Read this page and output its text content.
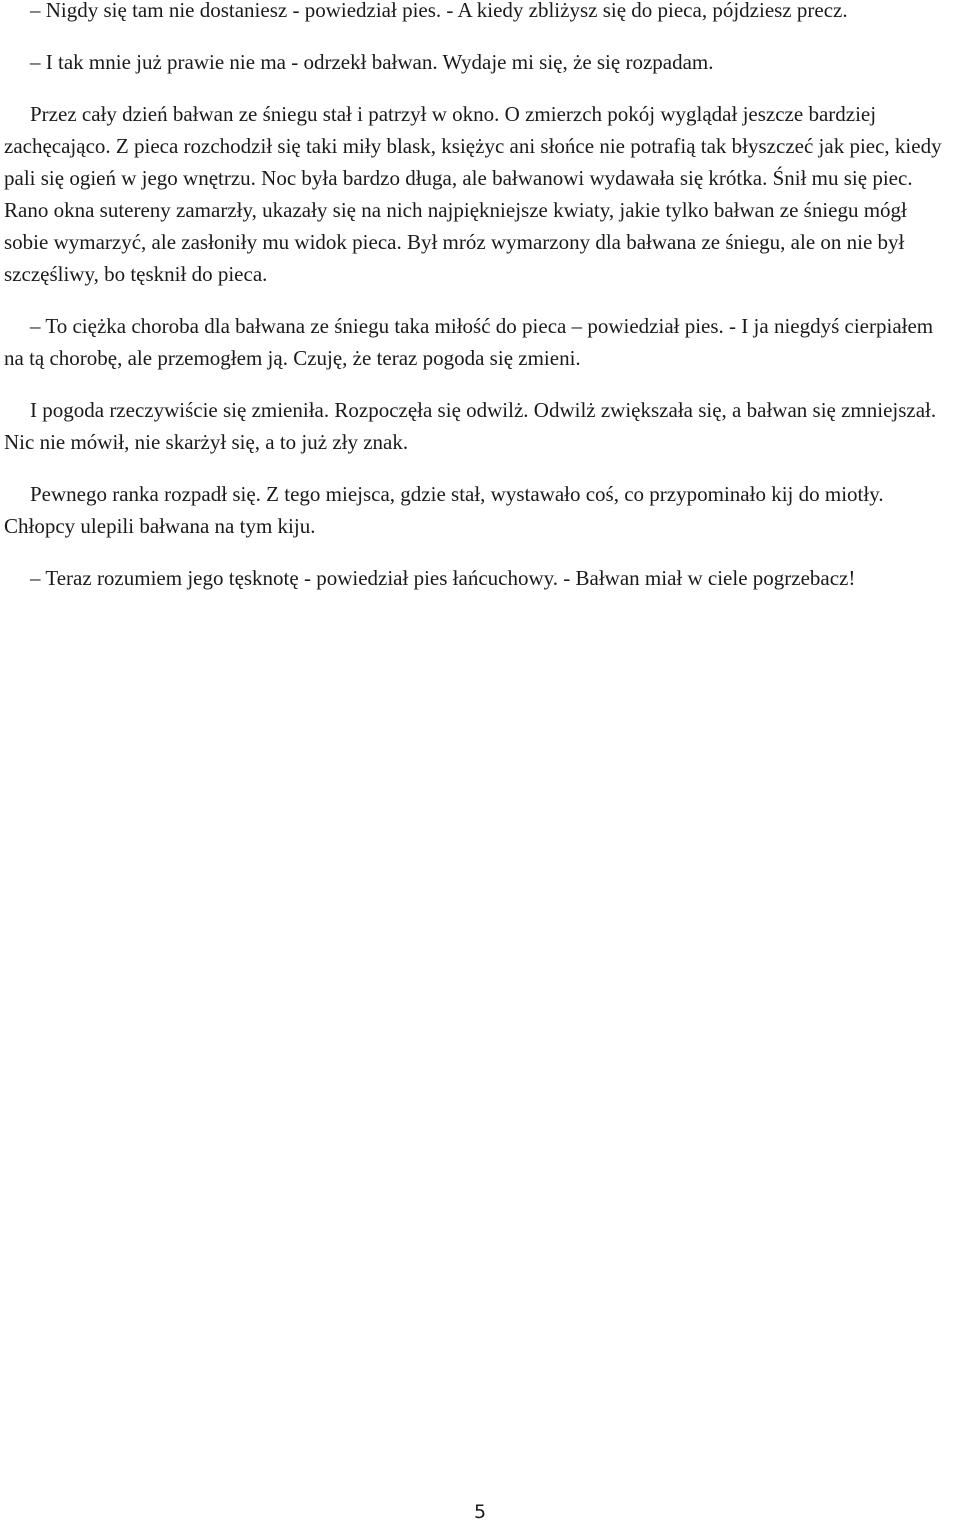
– Nigdy się tam nie dostaniesz - powiedział pies. - A kiedy zbliżysz się do pieca, pójdziesz precz.

– I tak mnie już prawie nie ma - odrzekł bałwan. Wydaje mi się, że się rozpadam.

Przez cały dzień bałwan ze śniegu stał i patrzył w okno. O zmierzch pokój wyglądał jeszcze bardziej zachęcająco. Z pieca rozchodził się taki miły blask, księżyc ani słońce nie potrafią tak błyszczeć jak piec, kiedy pali się ogień w jego wnętrzu. Noc była bardzo długa, ale bałwanowi wydawała się krótka. Śnił mu się piec. Rano okna sutereny zamarzły, ukazały się na nich najpiękniejsze kwiaty, jakie tylko bałwan ze śniegu mógł sobie wymarzyć, ale zasłoniły mu widok pieca. Był mróz wymarzony dla bałwana ze śniegu, ale on nie był szczęśliwy, bo tęsknił do pieca.

– To ciężka choroba dla bałwana ze śniegu taka miłość do pieca – powiedział pies. - I ja niegdyś cierpiałem na tą chorobę, ale przemogłem ją. Czuję, że teraz pogoda się zmieni.

I pogoda rzeczywiście się zmieniła. Rozpoczęła się odwilż. Odwilż zwiększała się, a bałwan się zmniejszał. Nic nie mówił, nie skarżył się, a to już zły znak.

Pewnego ranka rozpadł się. Z tego miejsca, gdzie stał, wystawało coś, co przypominało kij do miotły. Chłopcy ulepili bałwana na tym kiju.

– Teraz rozumiem jego tęsknotę - powiedział pies łańcuchowy. - Bałwan miał w ciele pogrzebacz!

5
